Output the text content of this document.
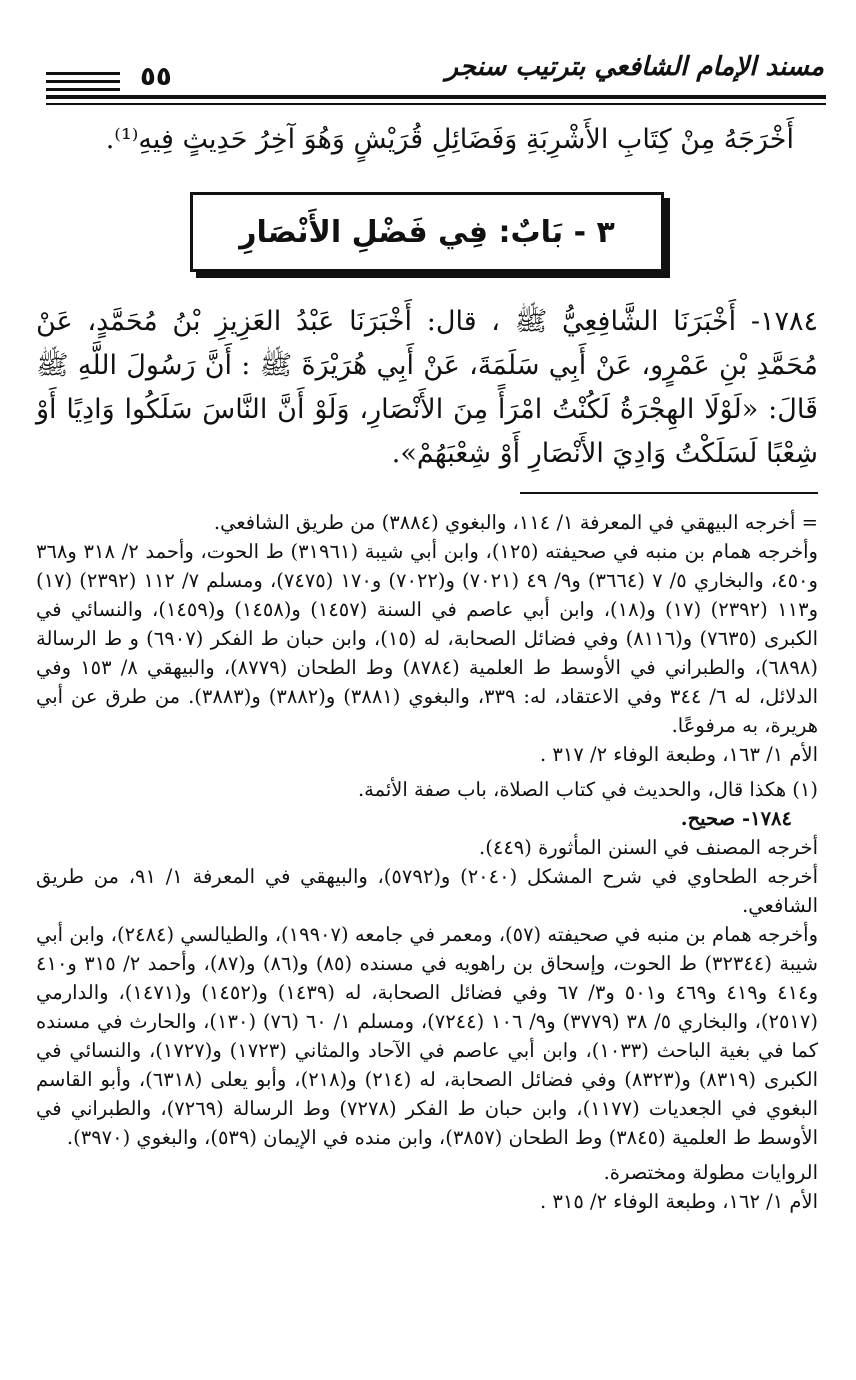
مسند الإمام الشافعي بترتيب سنجر
٥٥
أَخْرَجَهُ مِنْ كِتَابِ الأَشْرِبَةِ وَفَضَائِلِ قُرَيْشٍ وَهُوَ آخِرُ حَدِيثٍ فِيهِ⁽¹⁾.
٣ - بَابٌ: فِي فَضْلِ الأَنْصَارِ
١٧٨٤- أَخْبَرَنَا الشَّافِعِيُّ ﷺ ، قال: أَخْبَرَنَا عَبْدُ العَزِيزِ بْنُ مُحَمَّدٍ، عَنْ مُحَمَّدِ بْنِ عَمْرٍو، عَنْ أَبِي سَلَمَةَ، عَنْ أَبِي هُرَيْرَةَ ﷺ : أَنَّ رَسُولَ اللَّهِ ﷺ قَالَ: «لَوْلَا الهِجْرَةُ لَكُنْتُ امْرَأً مِنَ الأَنْصَارِ، وَلَوْ أَنَّ النَّاسَ سَلَكُوا وَادِيًا أَوْ شِعْبًا لَسَلَكْتُ وَادِيَ الأَنْصَارِ أَوْ شِعْبَهُمْ».

= أخرجه البيهقي في المعرفة ١/ ١١٤، والبغوي (٣٨٨٤) من طريق الشافعي.

وأخرجه همام بن منبه في صحيفته (١٢٥)، وابن أبي شيبة (٣١٩٦١) ط الحوت، وأحمد ٢/ ٣١٨ و٣٦٨ و٤٥٠، والبخاري ٥/ ٧ (٣٦٦٤) و٩/ ٤٩ (٧٠٢١) و(٧٠٢٢) و١٧٠ (٧٤٧٥)، ومسلم ٧/ ١١٢ (٢٣٩٢) (١٧) و١١٣ (٢٣٩٢) (١٧) و(١٨)، وابن أبي عاصم في السنة (١٤٥٧) و(١٤٥٨) و(١٤٥٩)، والنسائي في الكبرى (٧٦٣٥) و(٨١١٦) وفي فضائل الصحابة، له (١٥)، وابن حبان ط الفكر (٦٩٠٧) و ط الرسالة (٦٨٩٨)، والطبراني في الأوسط ط العلمية (٨٧٨٤) وط الطحان (٨٧٧٩)، والبيهقي ٨/ ١٥٣ وفي الدلائل، له ٦/ ٣٤٤ وفي الاعتقاد، له: ٣٣٩، والبغوي (٣٨٨١) و(٣٨٨٢) و(٣٨٨٣). من طرق عن أبي هريرة، به مرفوعًا.

الأم ١/ ١٦٣، وطبعة الوفاء ٢/ ٣١٧ .

(١) هكذا قال، والحديث في كتاب الصلاة، باب صفة الأئمة.

١٧٨٤- صحيح.

أخرجه المصنف في السنن المأثورة (٤٤٩).

أخرجه الطحاوي في شرح المشكل (٢٠٤٠) و(٥٧٩٢)، والبيهقي في المعرفة ١/ ٩١، من طريق الشافعي.

وأخرجه همام بن منبه في صحيفته (٥٧)، ومعمر في جامعه (١٩٩٠٧)، والطيالسي (٢٤٨٤)، وابن أبي شيبة (٣٢٣٤٤) ط الحوت، وإسحاق بن راهويه في مسنده (٨٥) و(٨٦) و(٨٧)، وأحمد ٢/ ٣١٥ و٤١٠ و٤١٤ و٤١٩ و٤٦٩ و٥٠١ و٣/ ٦٧ وفي فضائل الصحابة، له (١٤٣٩) و(١٤٥٢) و(١٤٧١)، والدارمي (٢٥١٧)، والبخاري ٥/ ٣٨ (٣٧٧٩) و٩/ ١٠٦ (٧٢٤٤)، ومسلم ١/ ٦٠ (٧٦) (١٣٠)، والحارث في مسنده كما في بغية الباحث (١٠٣٣)، وابن أبي عاصم في الآحاد والمثاني (١٧٢٣) و(١٧٢٧)، والنسائي في الكبرى (٨٣١٩) و(٨٣٢٣) وفي فضائل الصحابة، له (٢١٤) و(٢١٨)، وأبو يعلى (٦٣١٨)، وأبو القاسم البغوي في الجعديات (١١٧٧)، وابن حبان ط الفكر (٧٢٧٨) وط الرسالة (٧٢٦٩)، والطبراني في الأوسط ط العلمية (٣٨٤٥) وط الطحان (٣٨٥٧)، وابن منده في الإيمان (٥٣٩)، والبغوي (٣٩٧٠).

الروايات مطولة ومختصرة.

الأم ١/ ١٦٢، وطبعة الوفاء ٢/ ٣١٥ .
